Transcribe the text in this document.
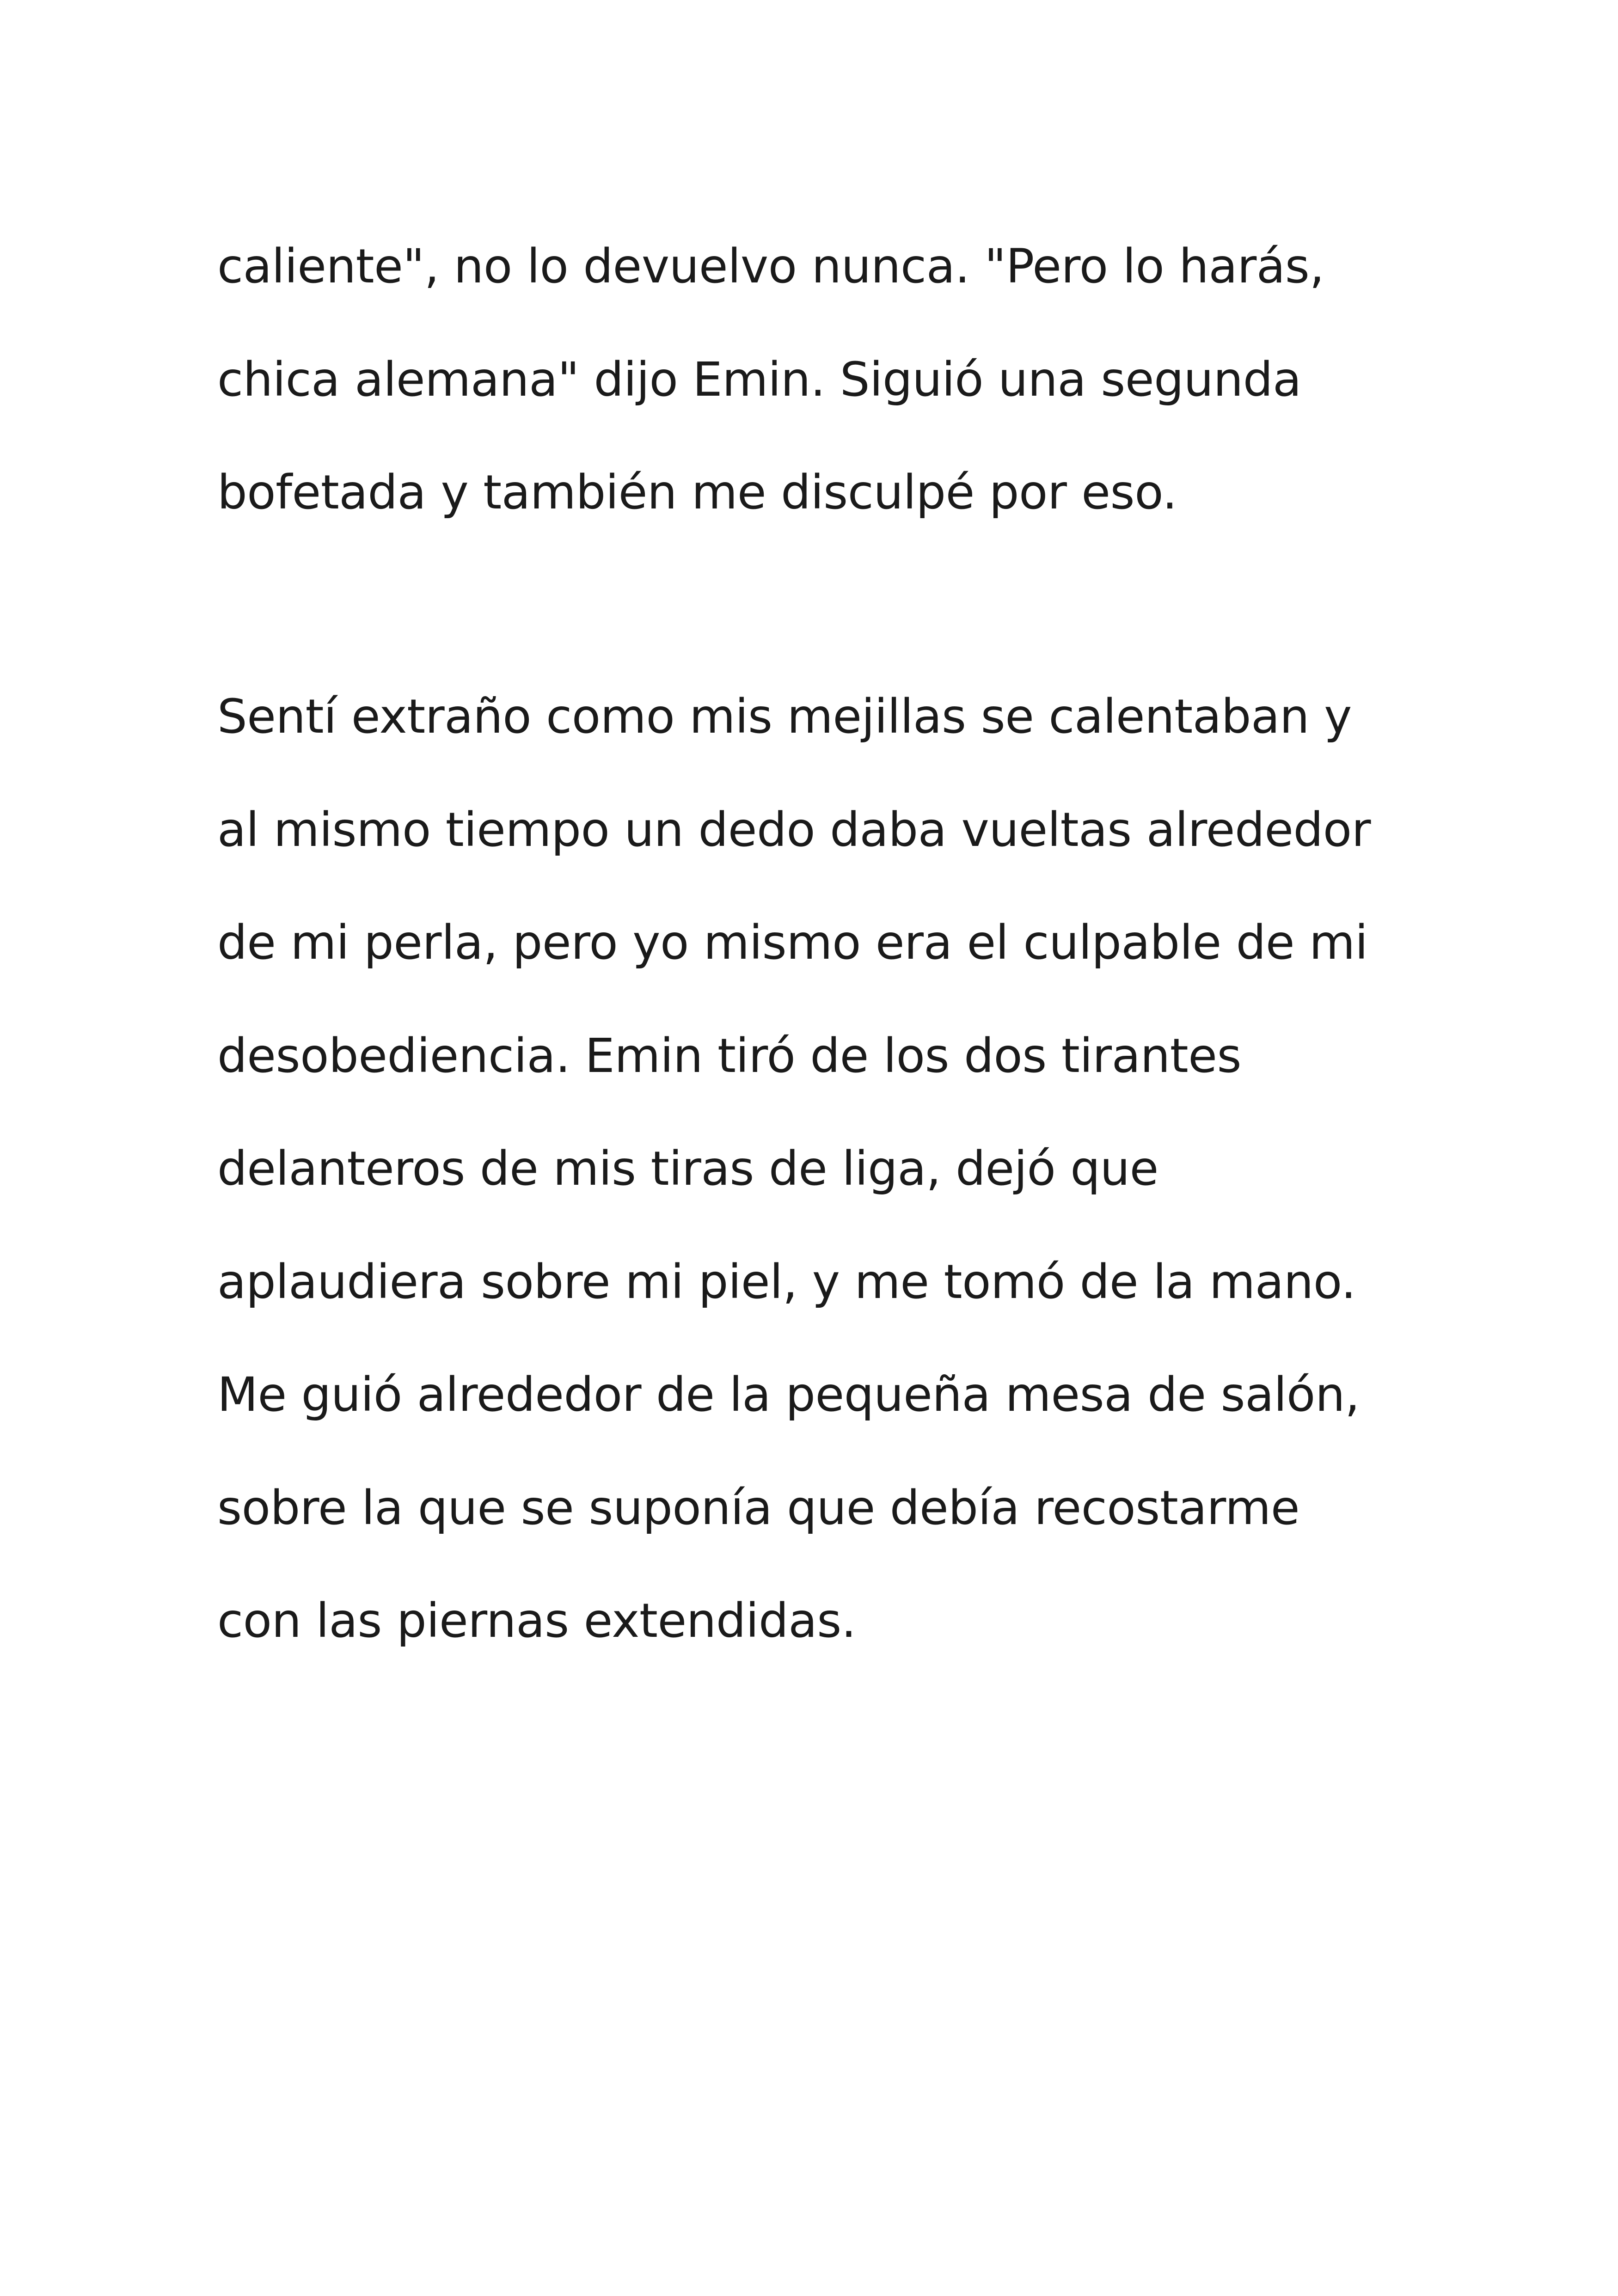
caliente", no lo devuelvo nunca. "Pero lo harás,
chica alemana" dijo Emin. Siguió una segunda
bofetada y también me disculpé por eso.
Sentí extraño como mis mejillas se calentaban y
al mismo tiempo un dedo daba vueltas alrededor
de mi perla, pero yo mismo era el culpable de mi
desobediencia. Emin tiró de los dos tirantes
delanteros de mis tiras de liga, dejó que
aplaudiera sobre mi piel, y me tomó de la mano.
Me guió alrededor de la pequeña mesa de salón,
sobre la que se suponía que debía recostarme
con las piernas extendidas.
